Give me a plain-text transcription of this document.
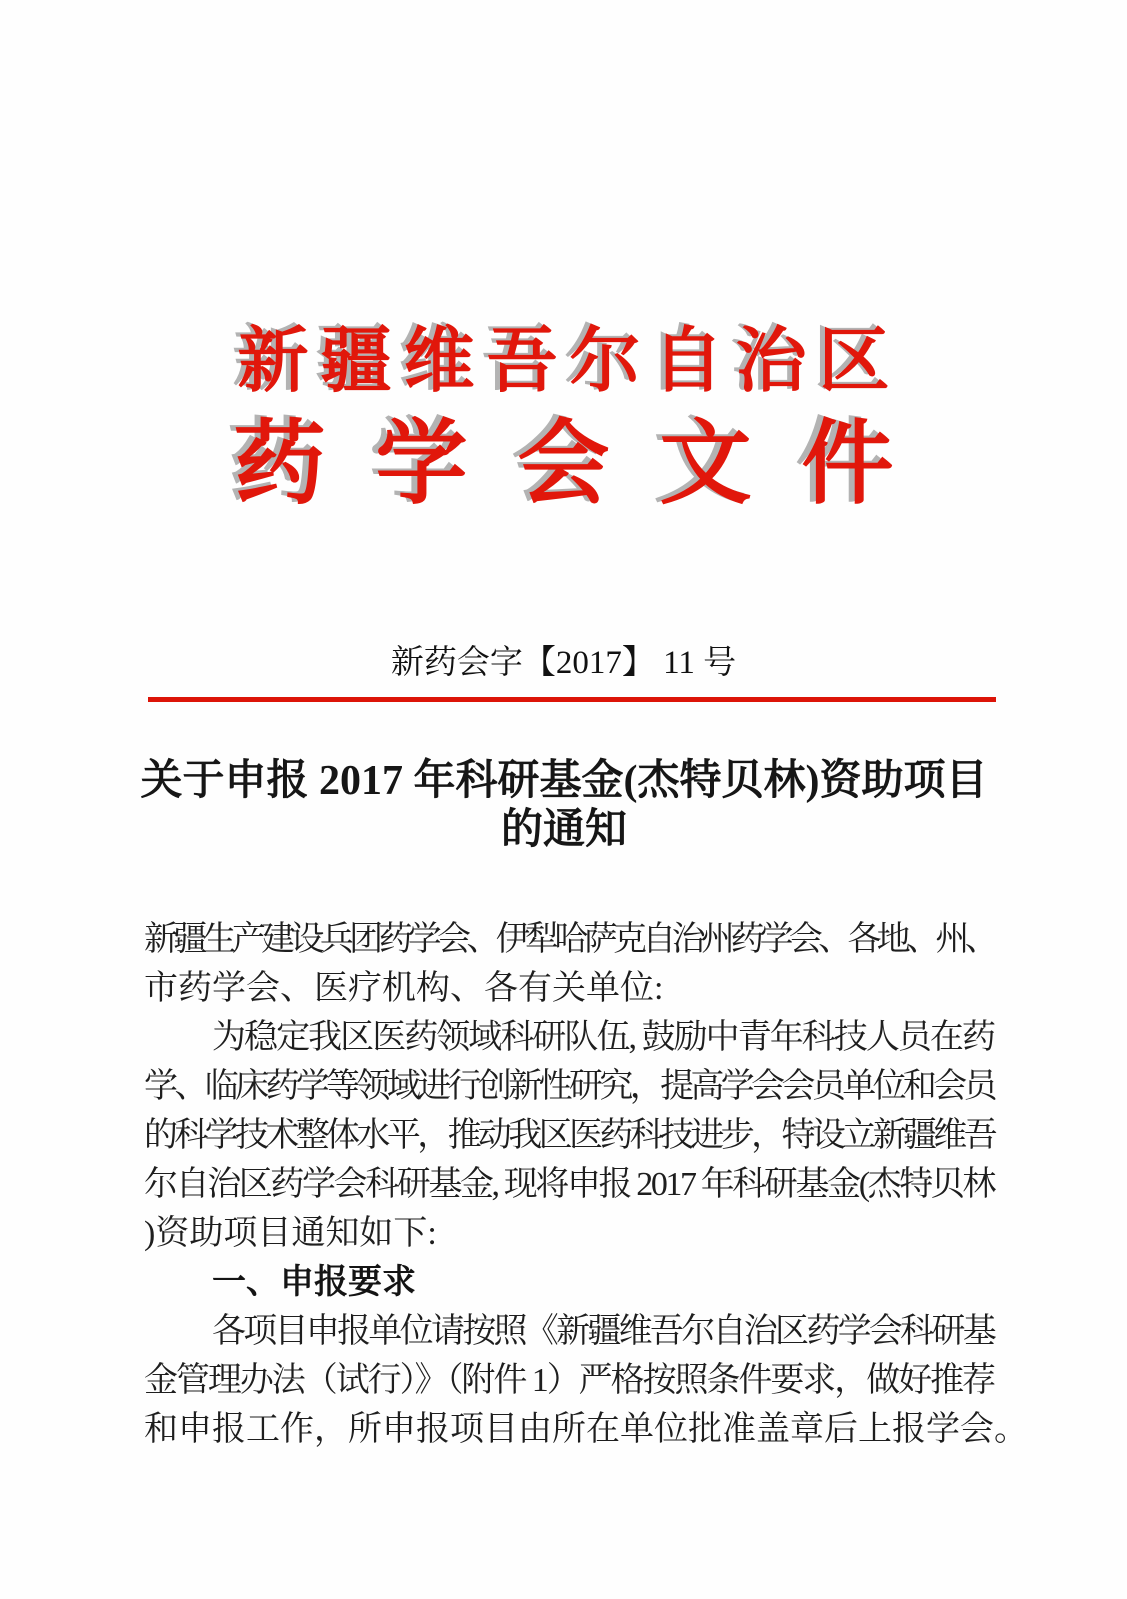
新疆维吾尔自治区
药学会文件
新药会字【2017】 11 号
关于申报 2017 年科研基金(杰特贝林)资助项目
的通知
新疆生产建设兵团药学会、伊犁哈萨克自治州药学会、各地、州、
市药学会、医疗机构、各有关单位:
为稳定我区医药领域科研队伍, 鼓励中青年科技人员在药
学、临床药学等领域进行创新性研究，提高学会会员单位和会员
的科学技术整体水平，推动我区医药科技进步，特设立新疆维吾
尔自治区药学会科研基金, 现将申报 2017 年科研基金(杰特贝林
)资助项目通知如下:
一、申报要求
各项目申报单位请按照《新疆维吾尔自治区药学会科研基
金管理办法（试行）》（附件 1）严格按照条件要求，做好推荐
和申报工作，所申报项目由所在单位批准盖章后上报学会。
